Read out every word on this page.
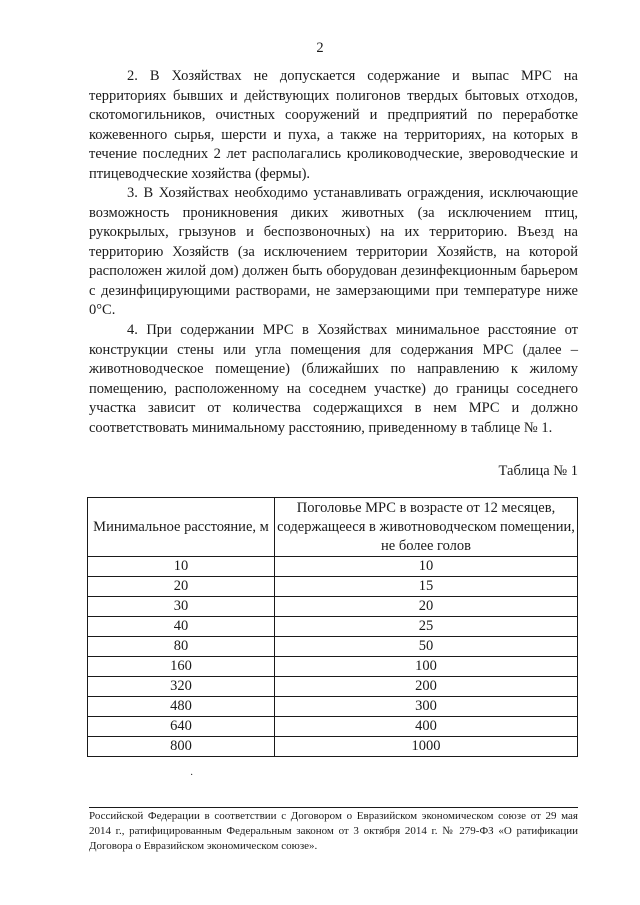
2

2. В Хозяйствах не допускается содержание и выпас МРС на территориях бывших и действующих полигонов твердых бытовых отходов, скотомогильников, очистных сооружений и предприятий по переработке кожевенного сырья, шерсти и пуха, а также на территориях, на которых в течение последних 2 лет располагались кролиководческие, звероводческие и птицеводческие хозяйства (фермы).

3. В Хозяйствах необходимо устанавливать ограждения, исключающие возможность проникновения диких животных (за исключением птиц, рукокрылых, грызунов и беспозвоночных) на их территорию. Въезд на территорию Хозяйств (за исключением территории Хозяйств, на которой расположен жилой дом) должен быть оборудован дезинфекционным барьером с дезинфицирующими растворами, не замерзающими при температуре ниже 0°С.

4. При содержании МРС в Хозяйствах минимальное расстояние от конструкции стены или угла помещения для содержания МРС (далее – животноводческое помещение) (ближайших по направлению к жилому помещению, расположенному на соседнем участке) до границы соседнего участка зависит от количества содержащихся в нем МРС и должно соответствовать минимальному расстоянию, приведенному в таблице № 1.

Таблица № 1
Минимальное расстояние, м	Поголовье МРС в возрасте от 12 месяцев, содержащееся в животноводческом помещении, не более голов
10	10
20	15
30	20
40	25
80	50
160	100
320	200
480	300
640	400
800	1000
·

Российской Федерации в соответствии с Договором о Евразийском экономическом союзе от 29 мая 2014 г., ратифицированным Федеральным законом от 3 октября 2014 г. № 279-ФЗ «О ратификации Договора о Евразийском экономическом союзе».
